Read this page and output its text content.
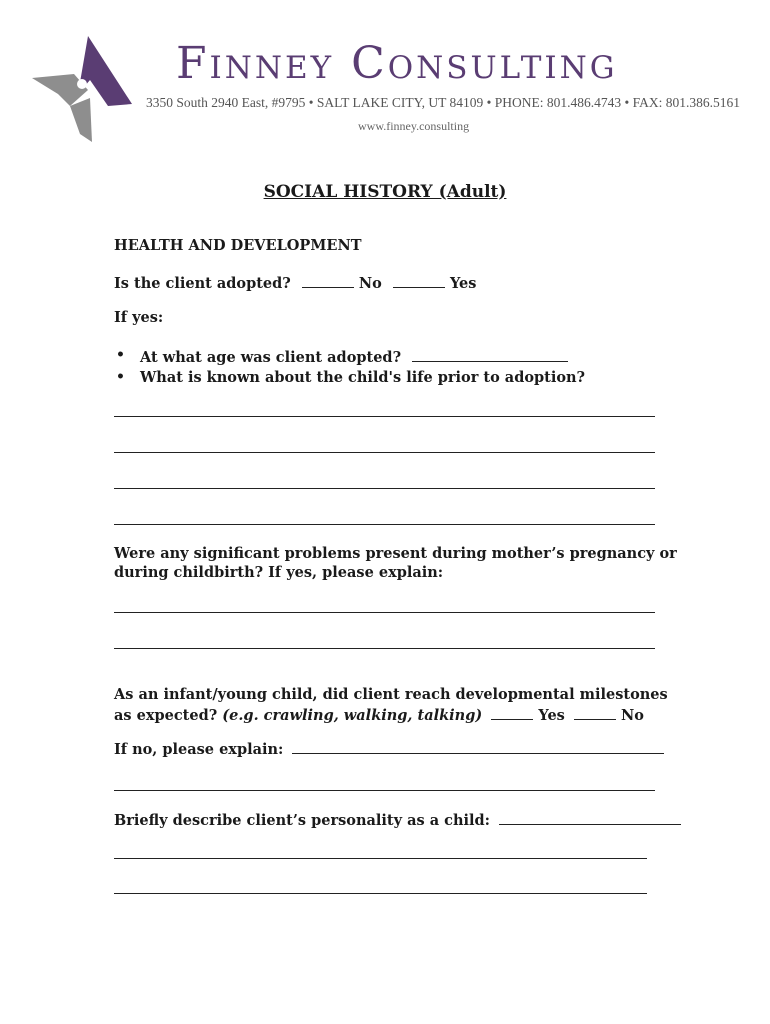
Finney Consulting
3350 South 2940 East, #9795 • SALT LAKE CITY, UT 84109 • PHONE: 801.486.4743 • FAX: 801.386.5161
www.finney.consulting
SOCIAL HISTORY (Adult)
HEALTH AND DEVELOPMENT
Is the client adopted?	No	Yes
If yes:
• At what age was client adopted?
• What is known about the child's life prior to adoption?
Were any significant problems present during mother’s pregnancy or
during childbirth? If yes, please explain:
As an infant/young child, did client reach developmental milestones
as expected? (e.g. crawling, walking, talking)	Yes	No
If no, please explain:
Briefly describe client’s personality as a child:
